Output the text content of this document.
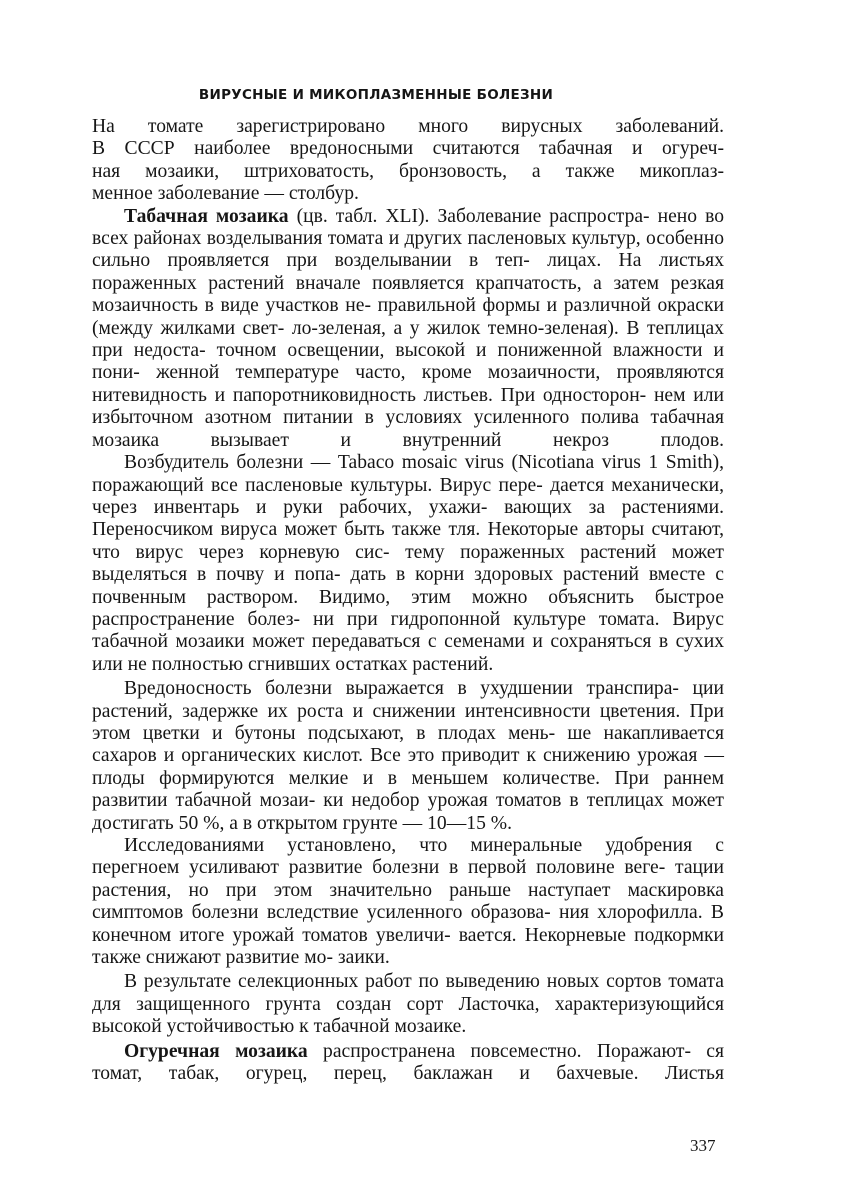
ВИРУСНЫЕ И МИКОПЛАЗМЕННЫЕ БОЛЕЗНИ

На томате зарегистрировано много вирусных заболеваний.
В СССР наиболее вредоносными считаются табачная и огуреч-
ная мозаики, штриховатость, бронзовость, а также микоплаз-

менное заболевание — столбур.

Табачная мозаика (цв. табл. XLI). Заболевание распростра- нено во всех районах возделывания томата и других пасленовых культур, особенно сильно проявляется при возделывании в теп- лицах. На листьях пораженных растений вначале появляется крапчатость, а затем резкая мозаичность в виде участков не- правильной формы и различной окраски (между жилками свет- ло-зеленая, а у жилок темно-зеленая). В теплицах при недоста- точном освещении, высокой и пониженной влажности и пони- женной температуре часто, кроме мозаичности, проявляются нитевидность и папоротниковидность листьев. При односторон- нем или избыточном азотном питании в условиях усиленного полива табачная мозаика вызывает и внутренний некроз плодов.

Возбудитель болезни — Tabaco mosaic virus (Nicotiana virus 1 Smith), поражающий все пасленовые культуры. Вирус пере- дается механически, через инвентарь и руки рабочих, ухажи- вающих за растениями. Переносчиком вируса может быть также тля. Некоторые авторы считают, что вирус через корневую сис- тему пораженных растений может выделяться в почву и попа- дать в корни здоровых растений вместе с почвенным раствором. Видимо, этим можно объяснить быстрое распространение болез- ни при гидропонной культуре томата. Вирус табачной мозаики может передаваться с семенами и сохраняться в сухих или не полностью сгнивших остатках растений.

Вредоносность болезни выражается в ухудшении транспира- ции растений, задержке их роста и снижении интенсивности цветения. При этом цветки и бутоны подсыхают, в плодах мень- ше накапливается сахаров и органических кислот. Все это приводит к снижению урожая — плоды формируются мелкие и в меньшем количестве. При раннем развитии табачной мозаи- ки недобор урожая томатов в теплицах может достигать 50 %, а в открытом грунте — 10—15 %.

Исследованиями установлено, что минеральные удобрения с перегноем усиливают развитие болезни в первой половине веге- тации растения, но при этом значительно раньше наступает маскировка симптомов болезни вследствие усиленного образова- ния хлорофилла. В конечном итоге урожай томатов увеличи- вается. Некорневые подкормки также снижают развитие мо- заики.

В результате селекционных работ по выведению новых сортов томата для защищенного грунта создан сорт Ласточка, характеризующийся высокой устойчивостью к табачной мозаике.

Огуречная мозаика распространена повсеместно. Поражают- ся томат, табак, огурец, перец, баклажан и бахчевые. Листья

337
